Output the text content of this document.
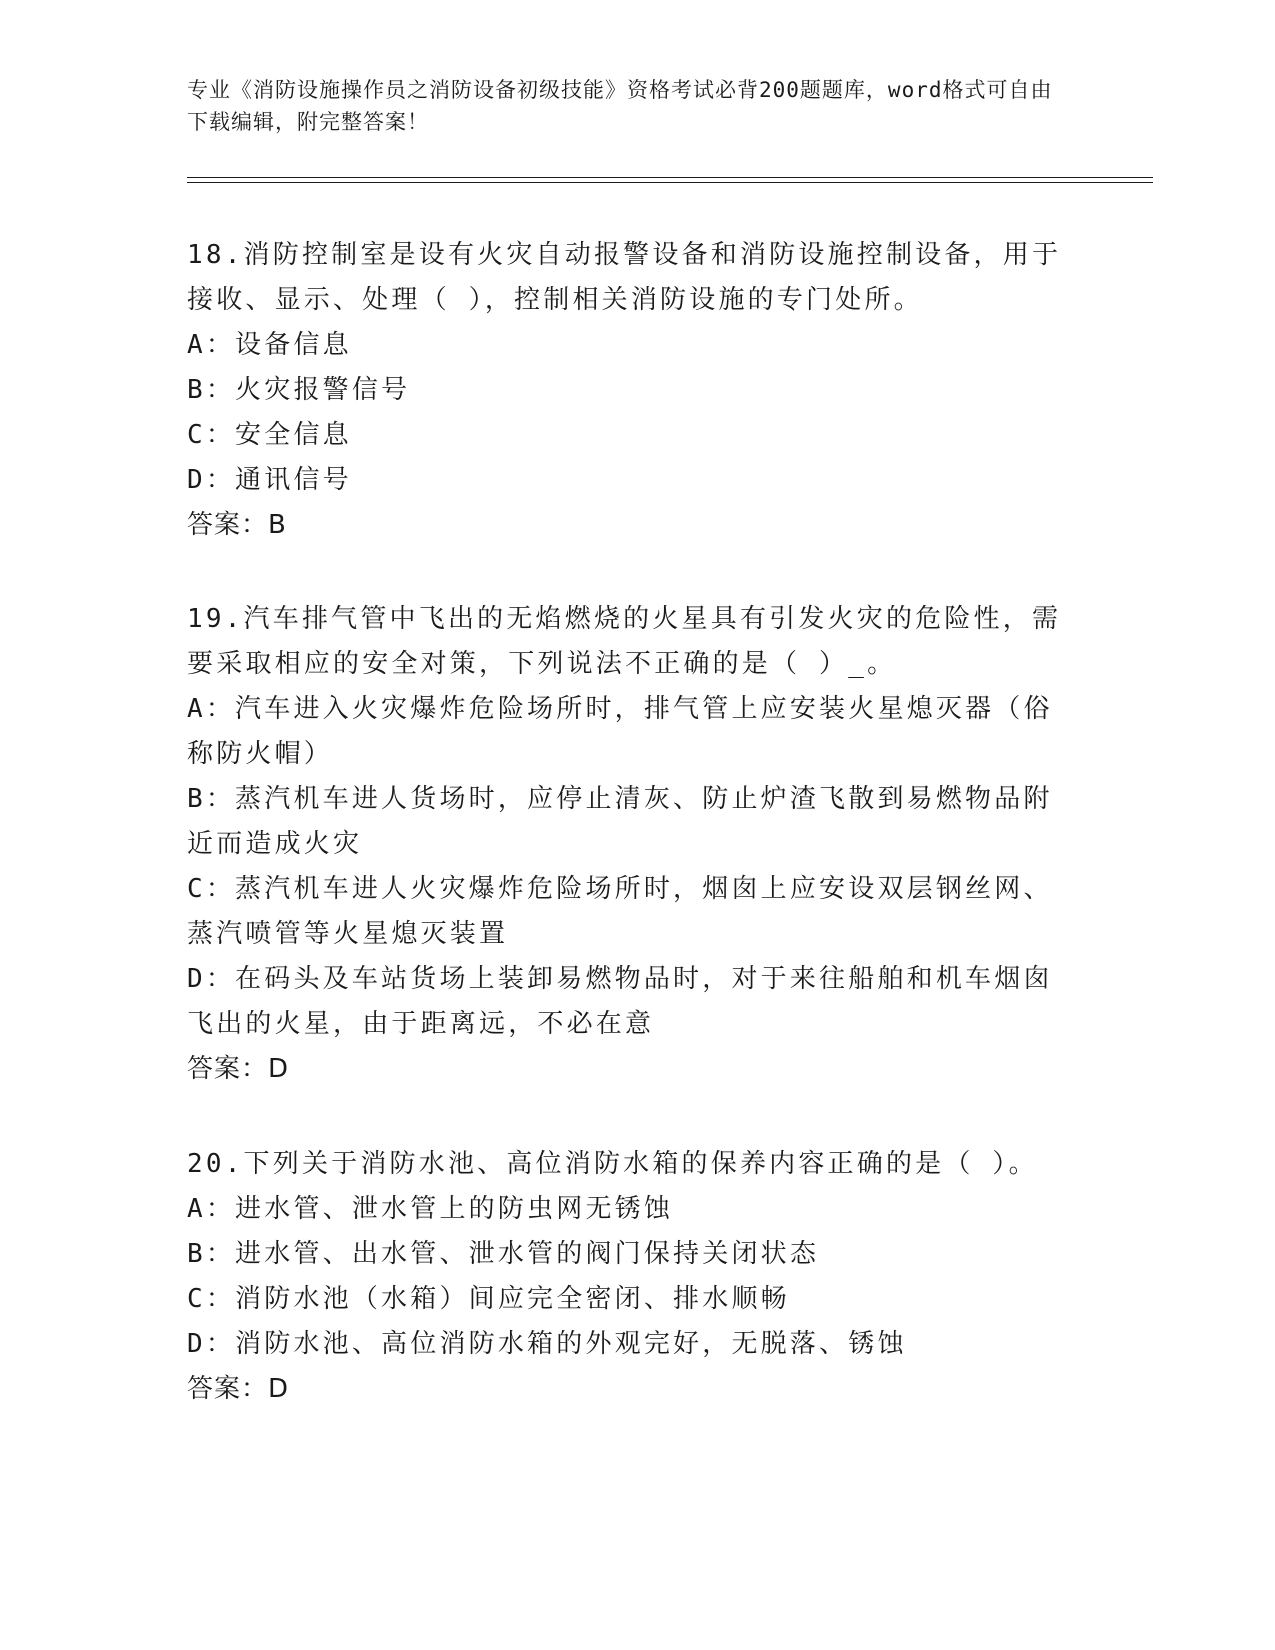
专业《消防设施操作员之消防设备初级技能》资格考试必背200题题库，word格式可自由下载编辑，附完整答案！
18.消防控制室是设有火灾自动报警设备和消防设施控制设备，用于接收、显示、处理（ ），控制相关消防设施的专门处所。
A：设备信息
B：火灾报警信号
C：安全信息
D：通讯信号
答案：B
19.汽车排气管中飞出的无焰燃烧的火星具有引发火灾的危险性，需要采取相应的安全对策，下列说法不正确的是（ ）_。
A：汽车进入火灾爆炸危险场所时，排气管上应安装火星熄灭器（俗称防火帽）
B：蒸汽机车进人货场时，应停止清灰、防止炉渣飞散到易燃物品附近而造成火灾
C：蒸汽机车进人火灾爆炸危险场所时，烟囱上应安设双层钢丝网、蒸汽喷管等火星熄灭装置
D：在码头及车站货场上装卸易燃物品时，对于来往船舶和机车烟囱飞出的火星，由于距离远，不必在意
答案：D
20.下列关于消防水池、高位消防水箱的保养内容正确的是（ ）。
A：进水管、泄水管上的防虫网无锈蚀
B：进水管、出水管、泄水管的阀门保持关闭状态
C：消防水池（水箱）间应完全密闭、排水顺畅
D：消防水池、高位消防水箱的外观完好，无脱落、锈蚀
答案：D
